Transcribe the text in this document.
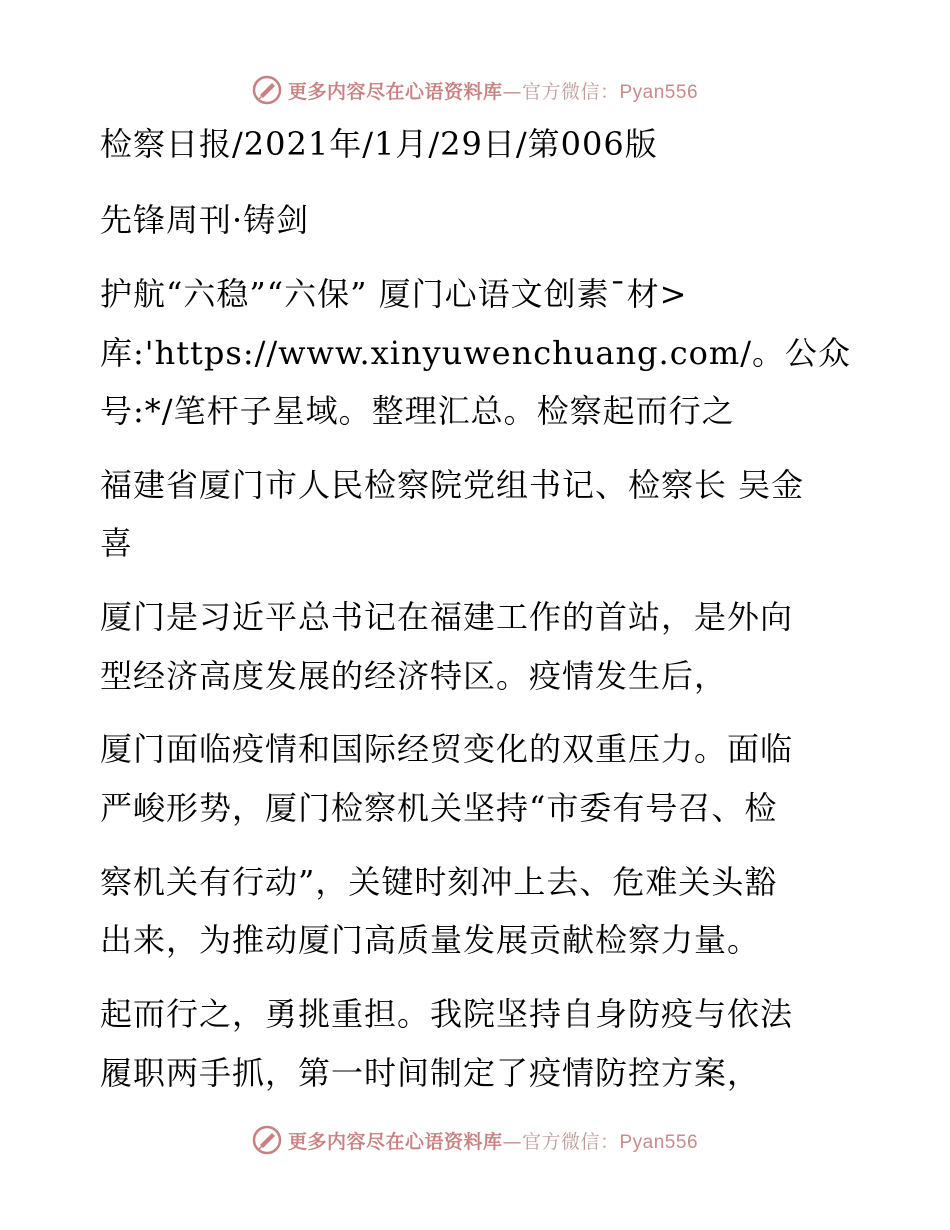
更多内容尽在心语资料库—官方微信：Pyan556
检察日报/2021年/1月/29日/第006版
先锋周刊·铸剑
护航“六稳”“六保” 厦门心语文创素¯材>
库:'https://www.xinyuwenchuang.com/。公众
号:*/笔杆子星域。整理汇总。检察起而行之
福建省厦门市人民检察院党组书记、检察长 吴金
喜
厦门是习近平总书记在福建工作的首站，是外向
型经济高度发展的经济特区。疫情发生后，
厦门面临疫情和国际经贸变化的双重压力。面临
严峻形势，厦门检察机关坚持“市委有号召、检
察机关有行动”，关键时刻冲上去、危难关头豁
出来，为推动厦门高质量发展贡献检察力量。
起而行之，勇挑重担。我院坚持自身防疫与依法
履职两手抓，第一时间制定了疫情防控方案，
更多内容尽在心语资料库—官方微信：Pyan556
